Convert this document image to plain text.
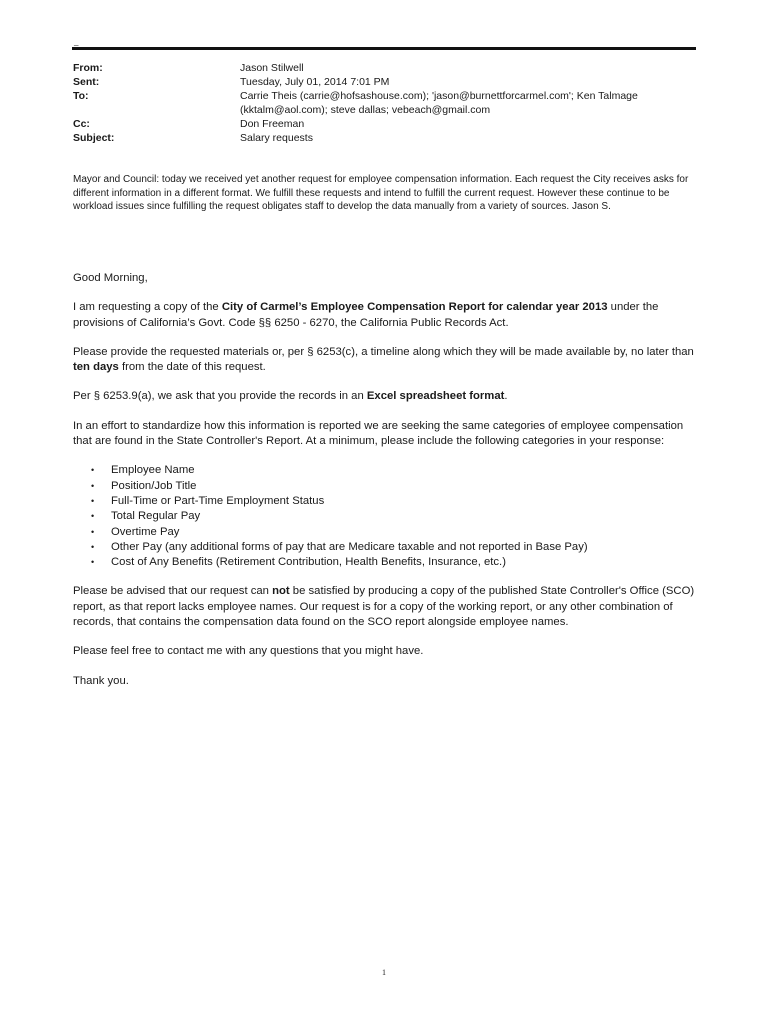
_
From:	Jason Stilwell
Sent:	Tuesday, July 01, 2014 7:01 PM
To:	Carrie Theis (carrie@hofsashouse.com); 'jason@burnettforcarmel.com'; Ken Talmage
(kktalm@aol.com); steve dallas; vebeach@gmail.com
Cc:	Don Freeman
Subject:	Salary requests
Mayor and Council: today we received yet another request for employee compensation information. Each request the City receives asks for different information in a different format. We fulfill these requests and intend to fulfill the current request. However these continue to be workload issues since fulfilling the request obligates staff to develop the data manually from a variety of sources. Jason S.

Good Morning,

I am requesting a copy of the City of Carmel’s Employee Compensation Report for calendar year 2013 under the provisions of California’s Govt. Code §§ 6250 - 6270, the California Public Records Act.

Please provide the requested materials or, per § 6253(c), a timeline along which they will be made available by, no later than ten days from the date of this request.

Per § 6253.9(a), we ask that you provide the records in an Excel spreadsheet format.

In an effort to standardize how this information is reported we are seeking the same categories of employee compensation that are found in the State Controller's Report. At a minimum, please include the following categories in your response:

• Employee Name
• Position/Job Title
• Full-Time or Part-Time Employment Status
• Total Regular Pay
• Overtime Pay
• Other Pay (any additional forms of pay that are Medicare taxable and not reported in Base Pay)
• Cost of Any Benefits (Retirement Contribution, Health Benefits, Insurance, etc.)

Please be advised that our request can not be satisfied by producing a copy of the published State Controller's Office (SCO) report, as that report lacks employee names. Our request is for a copy of the working report, or any other combination of records, that contains the compensation data found on the SCO report alongside employee names.

Please feel free to contact me with any questions that you might have.

Thank you.

1
